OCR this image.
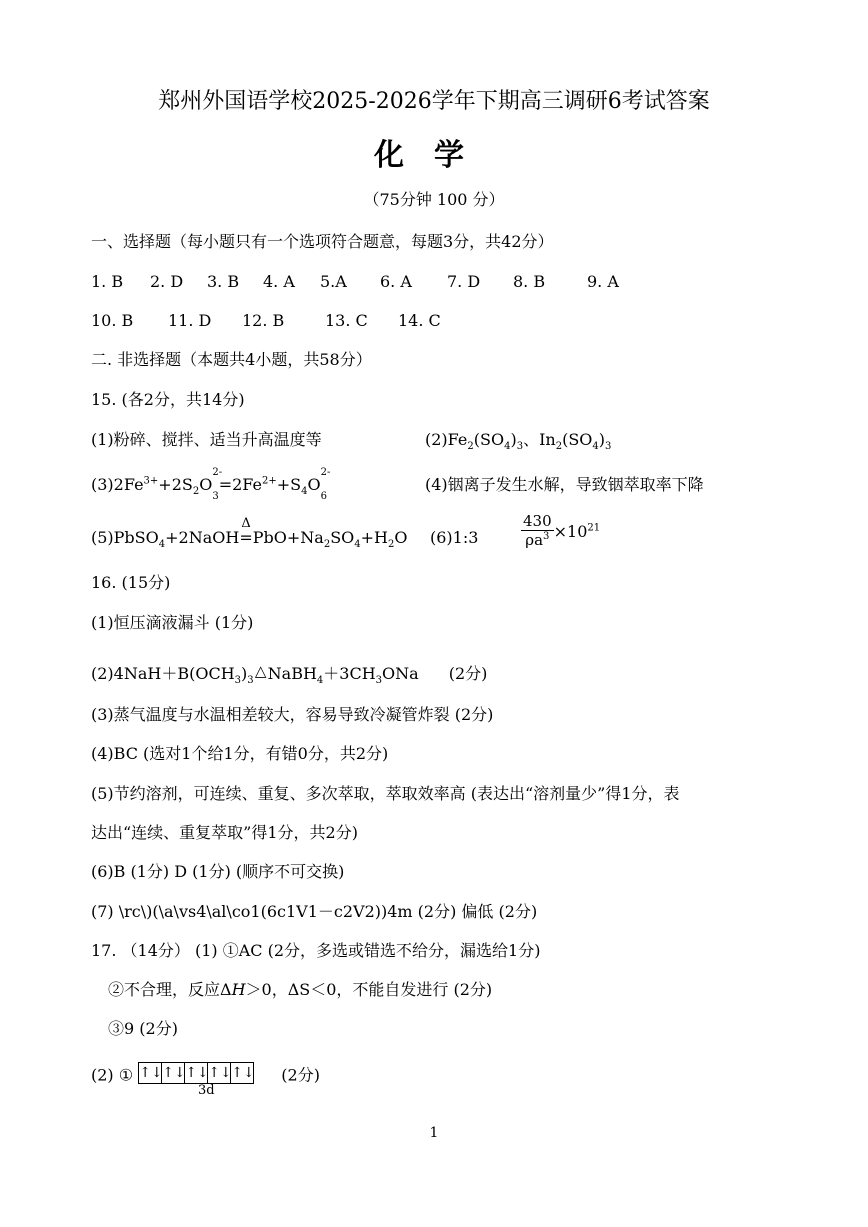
郑州外国语学校2025-2026学年下期高三调研6考试答案
化学
（75分钟 100 分）
一、选择题（每小题只有一个选项符合题意，每题3分，共42分）
1. B 2. D 3. B 4. A 5.A 6. A 7. D 8. B	9. A
10. B 11. D 12. B	13. C 14. C
二. 非选择题（本题共4小题，共58分）
15. (各2分，共14分)
(1)粉碎、搅拌、适当升高温度等	$(2)Fe_2(SO_4)_3$、$In_2(SO_4)_3$
$(3)2Fe^{3+}+2S_2O$
2-
$_3=2Fe^{2+}+S_4O$
2-
$_6$
(4)铟离子发生水解，导致铟萃取率下降
(5)PbSO$_4$+2NaOH
Δ
$=PbO+Na_2SO_4+H_2O$ (6)1:3	$\frac{430}{\rho a^3} \times 10^{21}$
16. (15分)
(1)恒压滴液漏斗 (1分)
$(2)4NaH+B(OCH_3)_3$
△ $NaBH_4+3CH_3ONa$ (2分)
(3)蒸气温度与水温相差较大，容易导致冷凝管炸裂 (2分)
(4)BC (选对1个给1分，有错0分，共2分)
(5)节约溶剂，可连续、重复、多次萃取，萃取效率高 (表达出“溶剂量少”得1分，表
达出“连续、重复萃取”得1分，共2分)
(6)B (1分) D (1分) (顺序不可交换)
(7) \rc\)(\a\vs4\al\co1(6c1V1－c2V2))4m (2分) 偏低 (2分)
17. （14分） (1) ①AC (2分，多选或错选不给分，漏选给1分)
②不合理，反应ΔH＞0，ΔS＜0，不能自发进行 (2分)
③9 (2分)
(2) ① ↑↓ ↑↓ ↑↓ ↑↓ ↑↓ (2分)
3d
1
